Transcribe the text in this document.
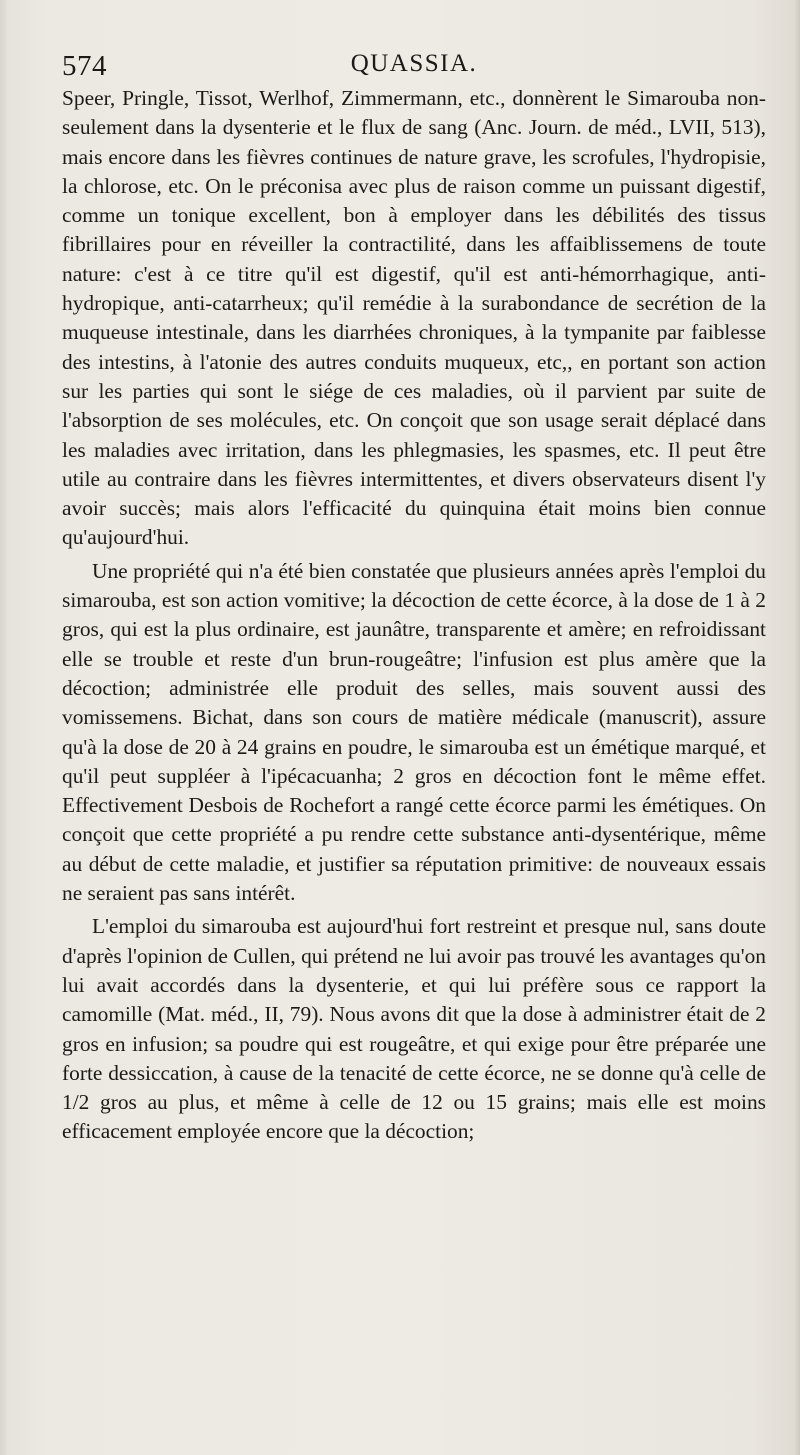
574	QUASSIA.

Speer, Pringle, Tissot, Werlhof, Zimmermann, etc., donnèrent le Simarouba non-seulement dans la dysenterie et le flux de sang (Anc. Journ. de méd., LVII, 513), mais encore dans les fièvres continues de nature grave, les scrofules, l'hydropisie, la chlorose, etc. On le préconisa avec plus de raison comme un puissant digestif, comme un tonique excellent, bon à employer dans les débilités des tissus fibrillaires pour en réveiller la contractilité, dans les affaiblissemens de toute nature: c'est à ce titre qu'il est digestif, qu'il est anti-hémorrhagique, anti-hydropique, anti-catarrheux; qu'il remédie à la surabondance de secrétion de la muqueuse intestinale, dans les diarrhées chroniques, à la tympanite par faiblesse des intestins, à l'atonie des autres conduits muqueux, etc,, en portant son action sur les parties qui sont le siége de ces maladies, où il parvient par suite de l'absorption de ses molécules, etc. On conçoit que son usage serait déplacé dans les maladies avec irritation, dans les phlegmasies, les spasmes, etc. Il peut être utile au contraire dans les fièvres intermittentes, et divers observateurs disent l'y avoir succès; mais alors l'efficacité du quinquina était moins bien connue qu'aujourd'hui.

Une propriété qui n'a été bien constatée que plusieurs années après l'emploi du simarouba, est son action vomitive; la décoction de cette écorce, à la dose de 1 à 2 gros, qui est la plus ordinaire, est jaunâtre, transparente et amère; en refroidissant elle se trouble et reste d'un brun-rougeâtre; l'infusion est plus amère que la décoction; administrée elle produit des selles, mais souvent aussi des vomissemens. Bichat, dans son cours de matière médicale (manuscrit), assure qu'à la dose de 20 à 24 grains en poudre, le simarouba est un émétique marqué, et qu'il peut suppléer à l'ipécacuanha; 2 gros en décoction font le même effet. Effectivement Desbois de Rochefort a rangé cette écorce parmi les émétiques. On conçoit que cette propriété a pu rendre cette substance anti-dysentérique, même au début de cette maladie, et justifier sa réputation primitive: de nouveaux essais ne seraient pas sans intérêt.

L'emploi du simarouba est aujourd'hui fort restreint et presque nul, sans doute d'après l'opinion de Cullen, qui prétend ne lui avoir pas trouvé les avantages qu'on lui avait accordés dans la dysenterie, et qui lui préfère sous ce rapport la camomille (Mat. méd., II, 79). Nous avons dit que la dose à administrer était de 2 gros en infusion; sa poudre qui est rougeâtre, et qui exige pour être préparée une forte dessiccation, à cause de la tenacité de cette écorce, ne se donne qu'à celle de 1/2 gros au plus, et même à celle de 12 ou 15 grains; mais elle est moins efficacement employée encore que la décoction;
